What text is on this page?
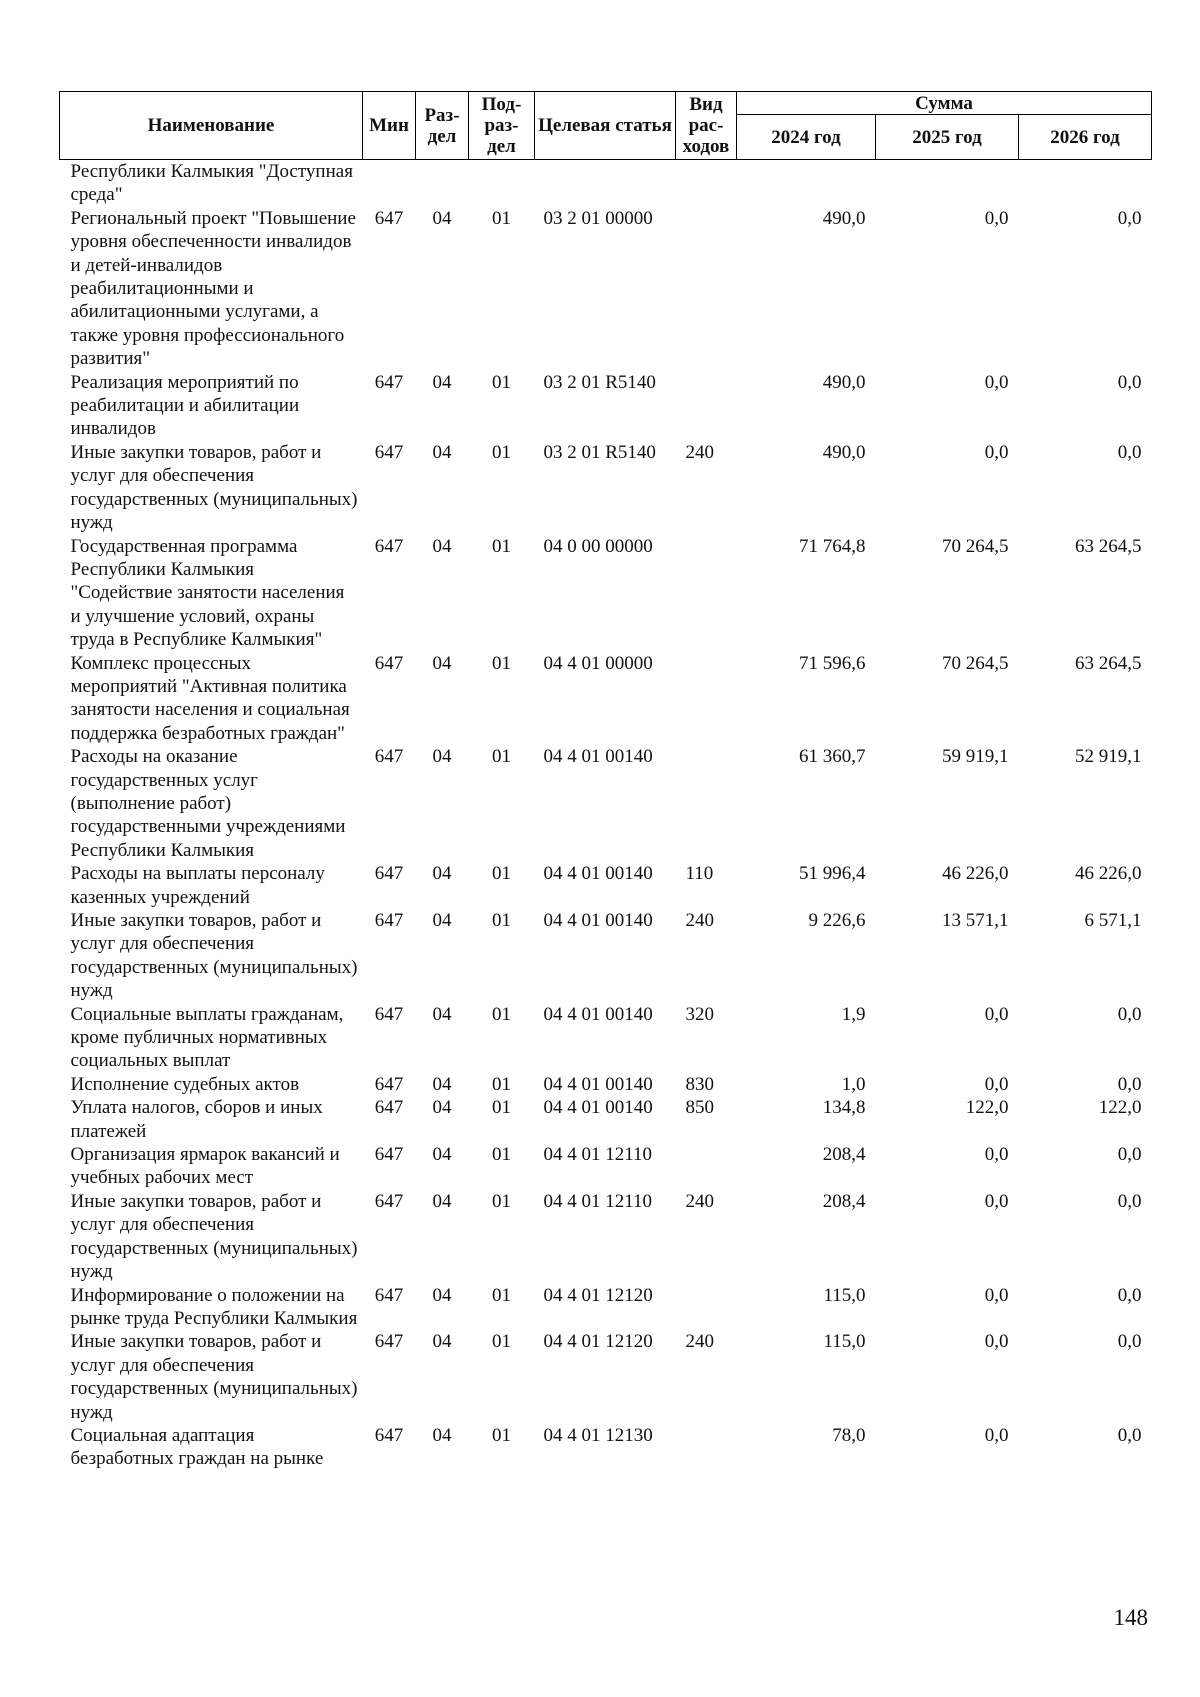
Наименование	Мин	Раз- дел	Под- раз- дел	Целевая статья	Вид рас- ходов	Сумма		
						2024 год	2025 год	2026 год
Республики Калмыкия "Доступная среда"								
Региональный проект "Повышение уровня обеспеченности инвалидов и детей-инвалидов реабилитационными и абилитационными услугами, а также уровня профессионального развития"	647	04	01	03 2 01 00000		490,0	0,0	0,0
Реализация мероприятий по реабилитации и абилитации инвалидов	647	04	01	03 2 01 R5140		490,0	0,0	0,0
Иные закупки товаров, работ и услуг для обеспечения государственных (муниципальных) нужд	647	04	01	03 2 01 R5140	240	490,0	0,0	0,0
Государственная программа Республики Калмыкия "Содействие занятости населения и улучшение условий, охраны труда в Республике Калмыкия"	647	04	01	04 0 00 00000		71 764,8	70 264,5	63 264,5
Комплекс процессных мероприятий "Активная политика занятости населения и социальная поддержка безработных граждан"	647	04	01	04 4 01 00000		71 596,6	70 264,5	63 264,5
Расходы на оказание государственных услуг (выполнение работ) государственными учреждениями Республики Калмыкия	647	04	01	04 4 01 00140		61 360,7	59 919,1	52 919,1
Расходы на выплаты персоналу казенных учреждений	647	04	01	04 4 01 00140	110	51 996,4	46 226,0	46 226,0
Иные закупки товаров, работ и услуг для обеспечения государственных (муниципальных) нужд	647	04	01	04 4 01 00140	240	9 226,6	13 571,1	6 571,1
Социальные выплаты гражданам, кроме публичных нормативных социальных выплат	647	04	01	04 4 01 00140	320	1,9	0,0	0,0
Исполнение судебных актов	647	04	01	04 4 01 00140	830	1,0	0,0	0,0
Уплата налогов, сборов и иных платежей	647	04	01	04 4 01 00140	850	134,8	122,0	122,0
Организация ярмарок вакансий и учебных рабочих мест	647	04	01	04 4 01 12110		208,4	0,0	0,0
Иные закупки товаров, работ и услуг для обеспечения государственных (муниципальных) нужд	647	04	01	04 4 01 12110	240	208,4	0,0	0,0
Информирование о положении на рынке труда Республики Калмыкия	647	04	01	04 4 01 12120		115,0	0,0	0,0
Иные закупки товаров, работ и услуг для обеспечения государственных (муниципальных) нужд	647	04	01	04 4 01 12120	240	115,0	0,0	0,0
Социальная адаптация безработных граждан на рынке	647	04	01	04 4 01 12130		78,0	0,0	0,0
148
